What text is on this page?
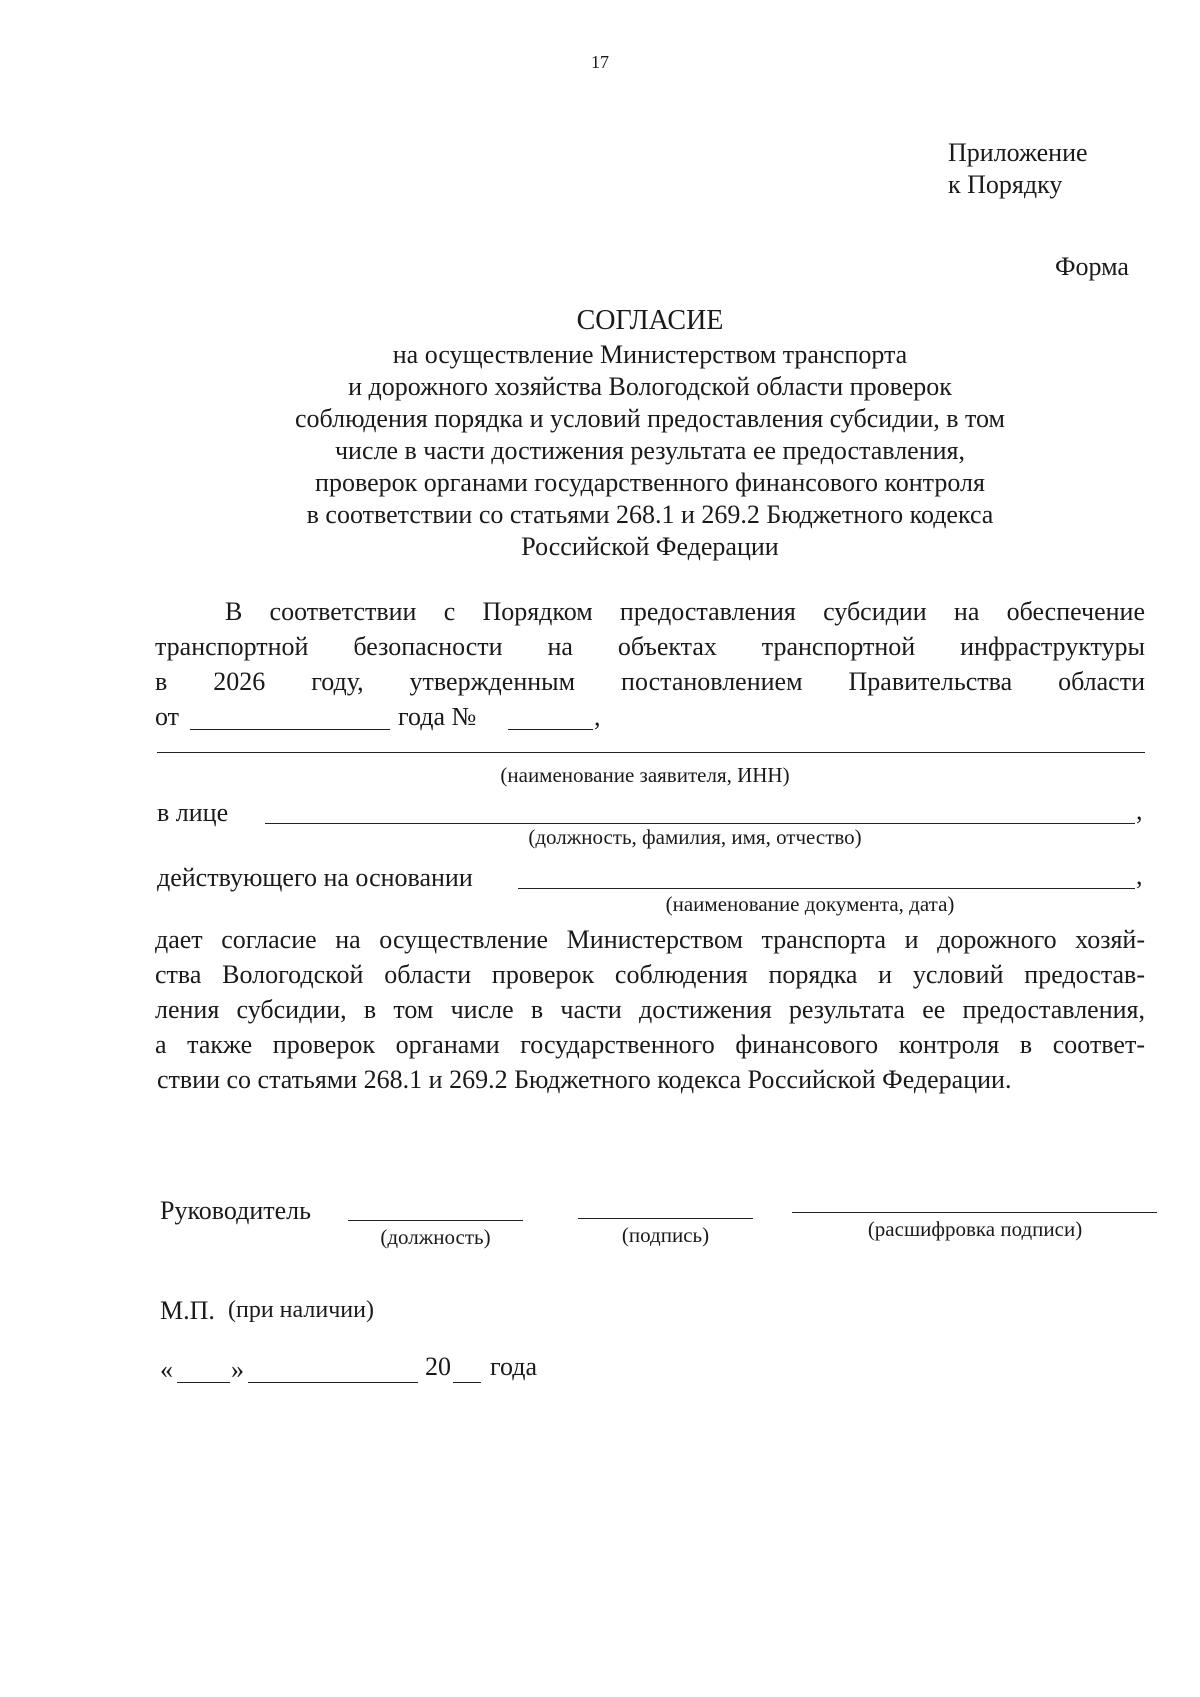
17
Приложение
к Порядку
Форма
СОГЛАСИЕ
на осуществление Министерством транспорта
и дорожного хозяйства Вологодской области проверок
соблюдения порядка и условий предоставления субсидии, в том
числе в части достижения результата ее предоставления,
проверок органами государственного финансового контроля
в соответствии со статьями 268.1 и 269.2 Бюджетного кодекса
Российской Федерации
В соответствии с Порядком предоставления субсидии на обеспечение
транспортной безопасности на объектах транспортной инфраструктуры
в 2026 году, утвержденным постановлением Правительства области
от	года №	,
(наименование заявителя, ИНН)
в лице	,
(должность, фамилия, имя, отчество)
действующего на основании	,
(наименование документа, дата)
дает согласие на осуществление Министерством транспорта и дорожного хозяй-
ства Вологодской области проверок соблюдения порядка и условий предостав-
ления субсидии, в том числе в части достижения результата ее предоставления,
а также проверок органами государственного финансового контроля в соответ-
ствии со статьями 268.1 и 269.2 Бюджетного кодекса Российской Федерации.
Руководитель
(должность)	(подпись)	(расшифровка подписи)
М.П. (при наличии)
« »	20 года
